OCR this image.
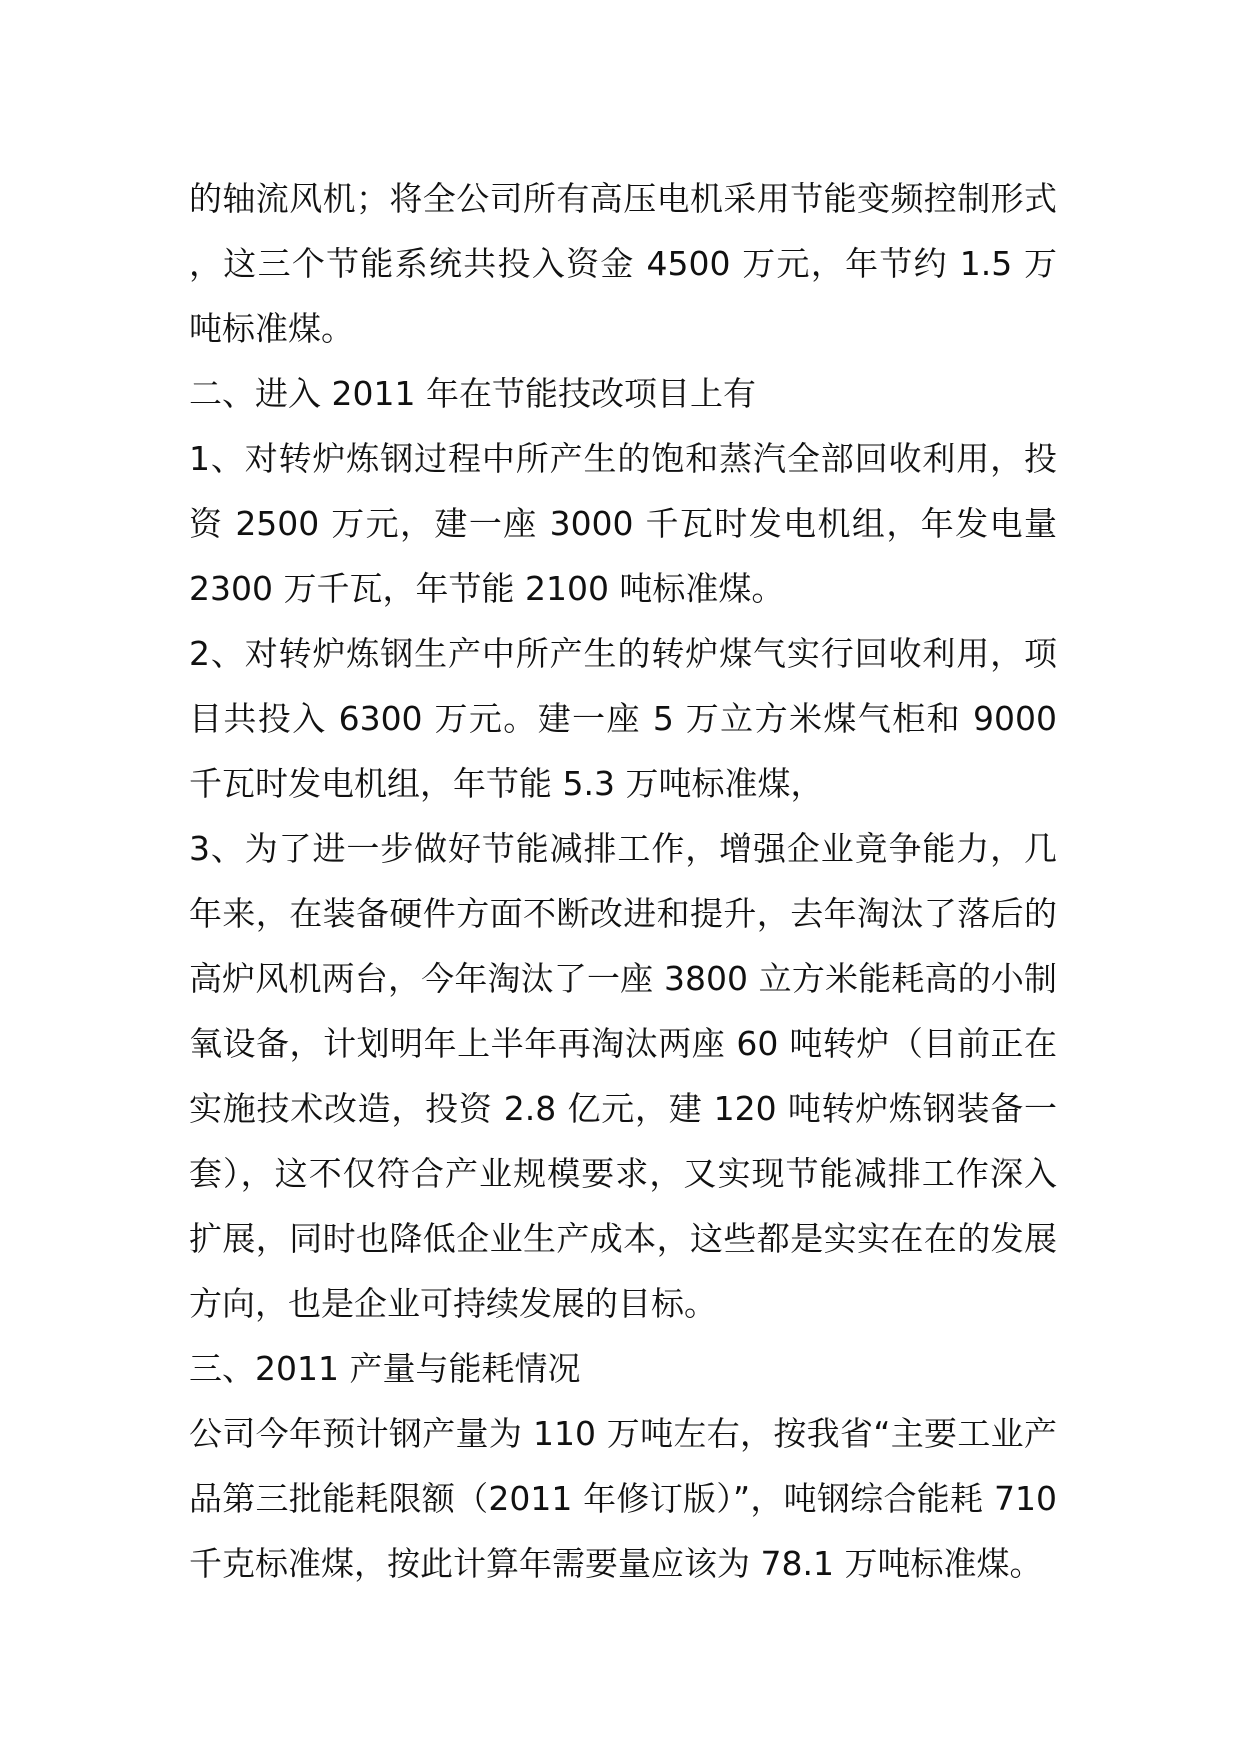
的轴流风机；将全公司所有高压电机采用节能变频控制形式，这三个节能系统共投入资金 4500 万元，年节约 1.5 万吨标准煤。

二、进入 2011 年在节能技改项目上有

1、对转炉炼钢过程中所产生的饱和蒸汽全部回收利用，投资 2500 万元，建一座 3000 千瓦时发电机组，年发电量 2300 万千瓦，年节能 2100 吨标准煤。

2、对转炉炼钢生产中所产生的转炉煤气实行回收利用，项目共投入 6300 万元。建一座 5 万立方米煤气柜和 9000 千瓦时发电机组，年节能 5.3 万吨标准煤，

3、为了进一步做好节能减排工作，增强企业竟争能力，几年来，在装备硬件方面不断改进和提升，去年淘汰了落后的高炉风机两台，今年淘汰了一座 3800 立方米能耗高的小制氧设备，计划明年上半年再淘汰两座 60 吨转炉（目前正在实施技术改造，投资 2.8 亿元，建 120 吨转炉炼钢装备一套），这不仅符合产业规模要求，又实现节能减排工作深入扩展，同时也降低企业生产成本，这些都是实实在在的发展方向，也是企业可持续发展的目标。

三、2011 产量与能耗情况

公司今年预计钢产量为 110 万吨左右，按我省“主要工业产品第三批能耗限额（2011 年修订版）”，吨钢综合能耗 710 千克标准煤，按此计算年需要量应该为 78.1 万吨标准煤。
